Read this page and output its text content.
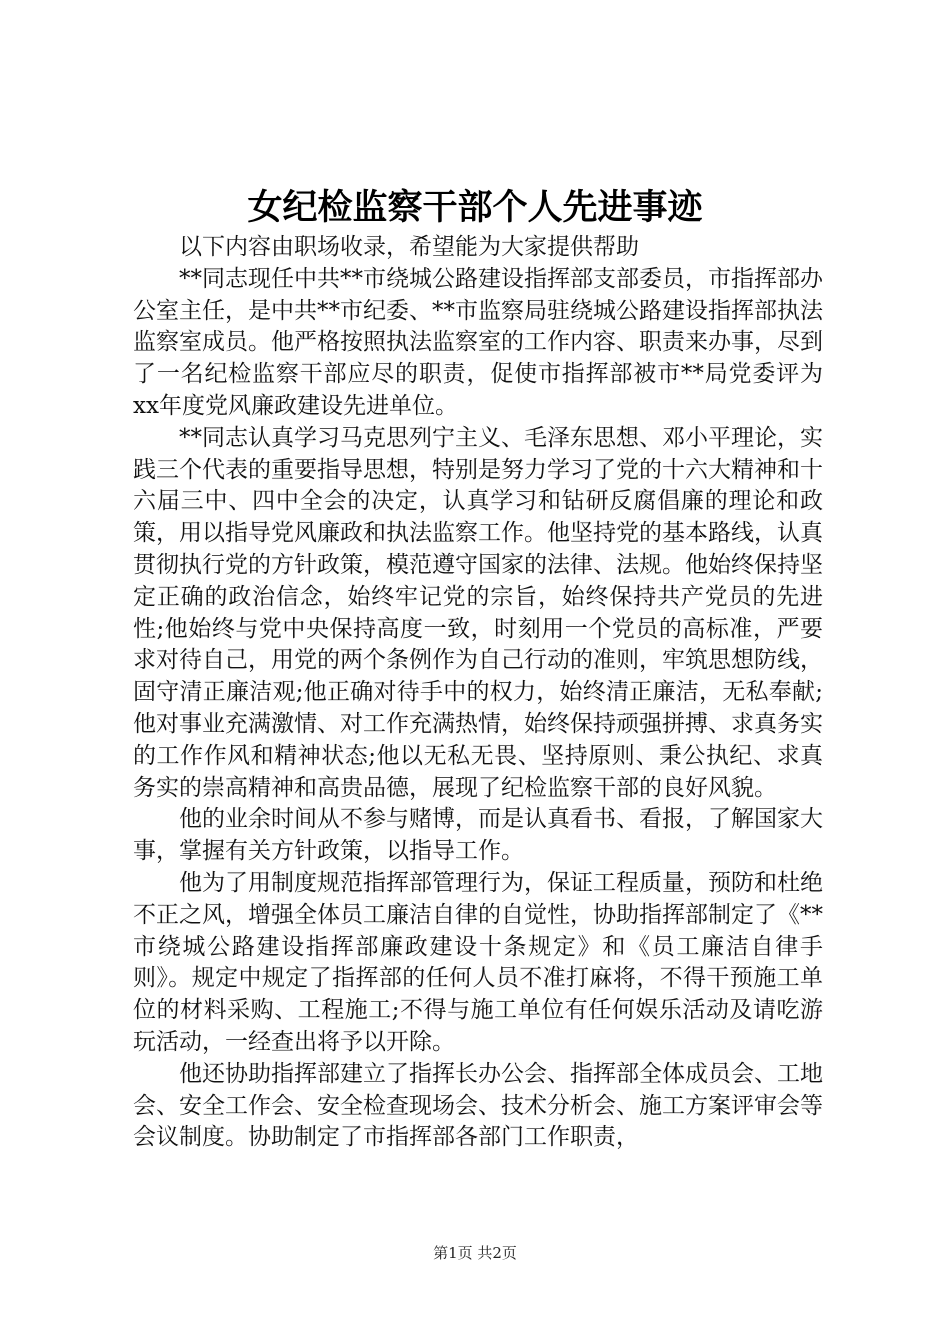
女纪检监察干部个人先进事迹

以下内容由职场收录，希望能为大家提供帮助

**同志现任中共**市绕城公路建设指挥部支部委员，市指挥部办公室主任，是中共**市纪委、**市监察局驻绕城公路建设指挥部执法监察室成员。他严格按照执法监察室的工作内容、职责来办事，尽到了一名纪检监察干部应尽的职责，促使市指挥部被市**局党委评为xx年度党风廉政建设先进单位。

**同志认真学习马克思列宁主义、毛泽东思想、邓小平理论，实践三个代表的重要指导思想，特别是努力学习了党的十六大精神和十六届三中、四中全会的决定，认真学习和钻研反腐倡廉的理论和政策，用以指导党风廉政和执法监察工作。他坚持党的基本路线，认真贯彻执行党的方针政策，模范遵守国家的法律、法规。他始终保持坚定正确的政治信念，始终牢记党的宗旨，始终保持共产党员的先进性;他始终与党中央保持高度一致，时刻用一个党员的高标准，严要求对待自己，用党的两个条例作为自己行动的准则，牢筑思想防线，固守清正廉洁观;他正确对待手中的权力，始终清正廉洁，无私奉献;他对事业充满激情、对工作充满热情，始终保持顽强拼搏、求真务实的工作作风和精神状态;他以无私无畏、坚持原则、秉公执纪、求真务实的崇高精神和高贵品德，展现了纪检监察干部的良好风貌。

他的业余时间从不参与赌博，而是认真看书、看报，了解国家大事，掌握有关方针政策，以指导工作。

他为了用制度规范指挥部管理行为，保证工程质量，预防和杜绝不正之风，增强全体员工廉洁自律的自觉性，协助指挥部制定了《**市绕城公路建设指挥部廉政建设十条规定》和《员工廉洁自律手则》。规定中规定了指挥部的任何人员不准打麻将，不得干预施工单位的材料采购、工程施工;不得与施工单位有任何娱乐活动及请吃游玩活动，一经查出将予以开除。

他还协助指挥部建立了指挥长办公会、指挥部全体成员会、工地会、安全工作会、安全检查现场会、技术分析会、施工方案评审会等会议制度。协助制定了市指挥部各部门工作职责，

第1页 共2页
